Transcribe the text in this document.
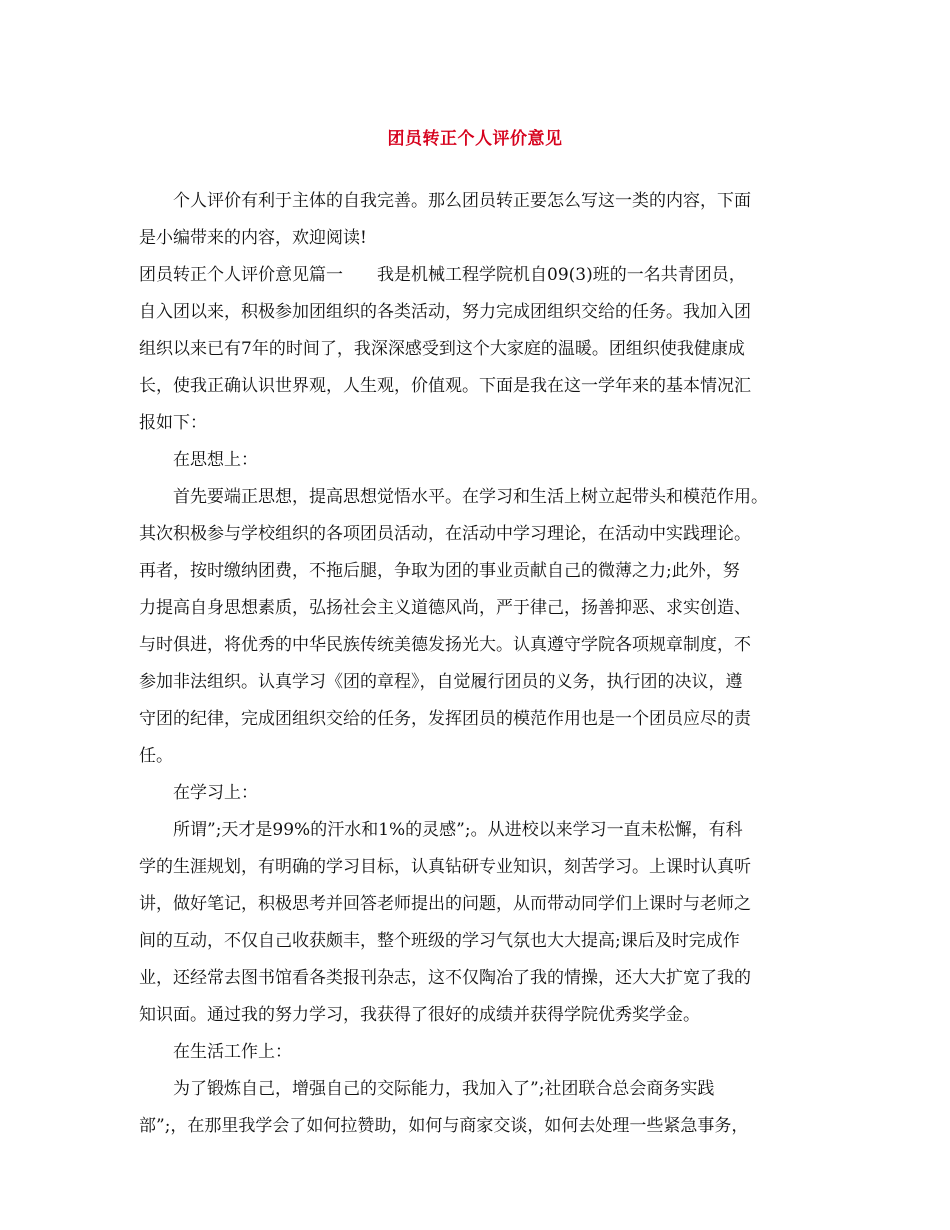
团员转正个人评价意见
个人评价有利于主体的自我完善。那么团员转正要怎么写这一类的内容，下面
是小编带来的内容，欢迎阅读!
团员转正个人评价意见篇一　　我是机械工程学院机自09(3)班的一名共青团员，
自入团以来，积极参加团组织的各类活动，努力完成团组织交给的任务。我加入团
组织以来已有7年的时间了，我深深感受到这个大家庭的温暖。团组织使我健康成
长，使我正确认识世界观，人生观，价值观。下面是我在这一学年来的基本情况汇
报如下：
在思想上：
首先要端正思想，提高思想觉悟水平。在学习和生活上树立起带头和模范作用。
其次积极参与学校组织的各项团员活动，在活动中学习理论，在活动中实践理论。
再者，按时缴纳团费，不拖后腿，争取为团的事业贡献自己的微薄之力;此外，努
力提高自身思想素质，弘扬社会主义道德风尚，严于律己，扬善抑恶、求实创造、
与时俱进，将优秀的中华民族传统美德发扬光大。认真遵守学院各项规章制度，不
参加非法组织。认真学习《团的章程》，自觉履行团员的义务，执行团的决议，遵
守团的纪律，完成团组织交给的任务，发挥团员的模范作用也是一个团员应尽的责
任。
在学习上：
所谓”;天才是99%的汗水和1%的灵感”;。从进校以来学习一直未松懈，有科
学的生涯规划，有明确的学习目标，认真钻研专业知识，刻苦学习。上课时认真听
讲，做好笔记，积极思考并回答老师提出的问题，从而带动同学们上课时与老师之
间的互动，不仅自己收获颇丰，整个班级的学习气氛也大大提高;课后及时完成作
业，还经常去图书馆看各类报刊杂志，这不仅陶冶了我的情操，还大大扩宽了我的
知识面。通过我的努力学习，我获得了很好的成绩并获得学院优秀奖学金。
在生活工作上：
为了锻炼自己，增强自己的交际能力，我加入了”;社团联合总会商务实践
部”;，在那里我学会了如何拉赞助，如何与商家交谈，如何去处理一些紧急事务，
